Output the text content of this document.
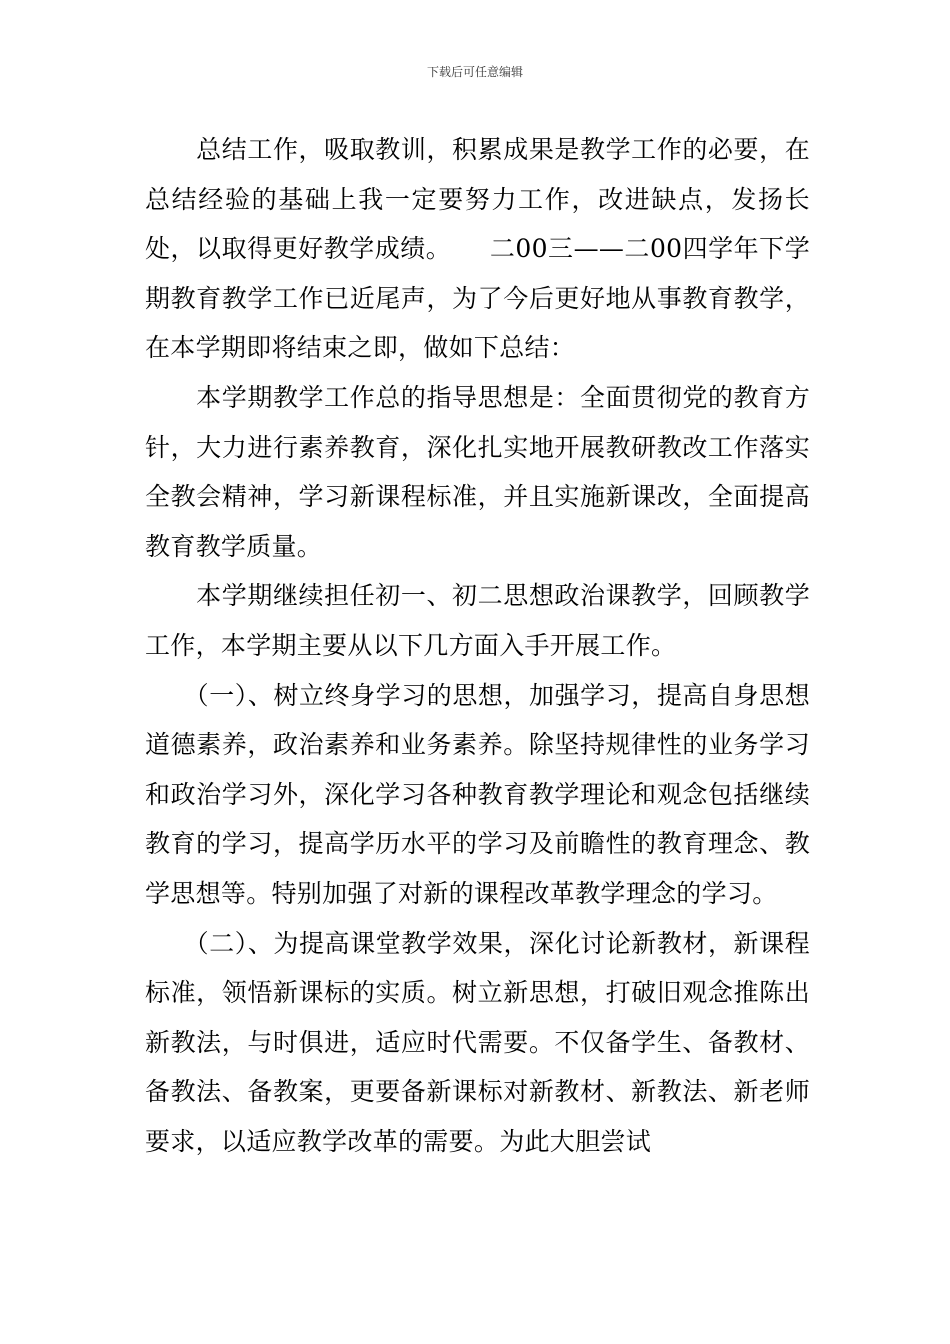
下载后可任意编辑

　　总结工作，吸取教训，积累成果是教学工作的必要，在总结经验的基础上我一定要努力工作，改进缺点，发扬长处，以取得更好教学成绩。　　二00三——二00四学年下学期教育教学工作已近尾声，为了今后更好地从事教育教学，在本学期即将结束之即，做如下总结：

　　本学期教学工作总的指导思想是：全面贯彻党的教育方针，大力进行素养教育，深化扎实地开展教研教改工作落实全教会精神，学习新课程标准，并且实施新课改，全面提高教育教学质量。

　　本学期继续担任初一、初二思想政治课教学，回顾教学工作，本学期主要从以下几方面入手开展工作。

　　（一）、树立终身学习的思想，加强学习，提高自身思想道德素养，政治素养和业务素养。除坚持规律性的业务学习和政治学习外，深化学习各种教育教学理论和观念包括继续教育的学习，提高学历水平的学习及前瞻性的教育理念、教学思想等。特别加强了对新的课程改革教学理念的学习。

　　（二）、为提高课堂教学效果，深化讨论新教材，新课程标准，领悟新课标的实质。树立新思想，打破旧观念推陈出新教法，与时俱进，适应时代需要。不仅备学生、备教材、备教法、备教案，更要备新课标对新教材、新教法、新老师要求，以适应教学改革的需要。为此大胆尝试
